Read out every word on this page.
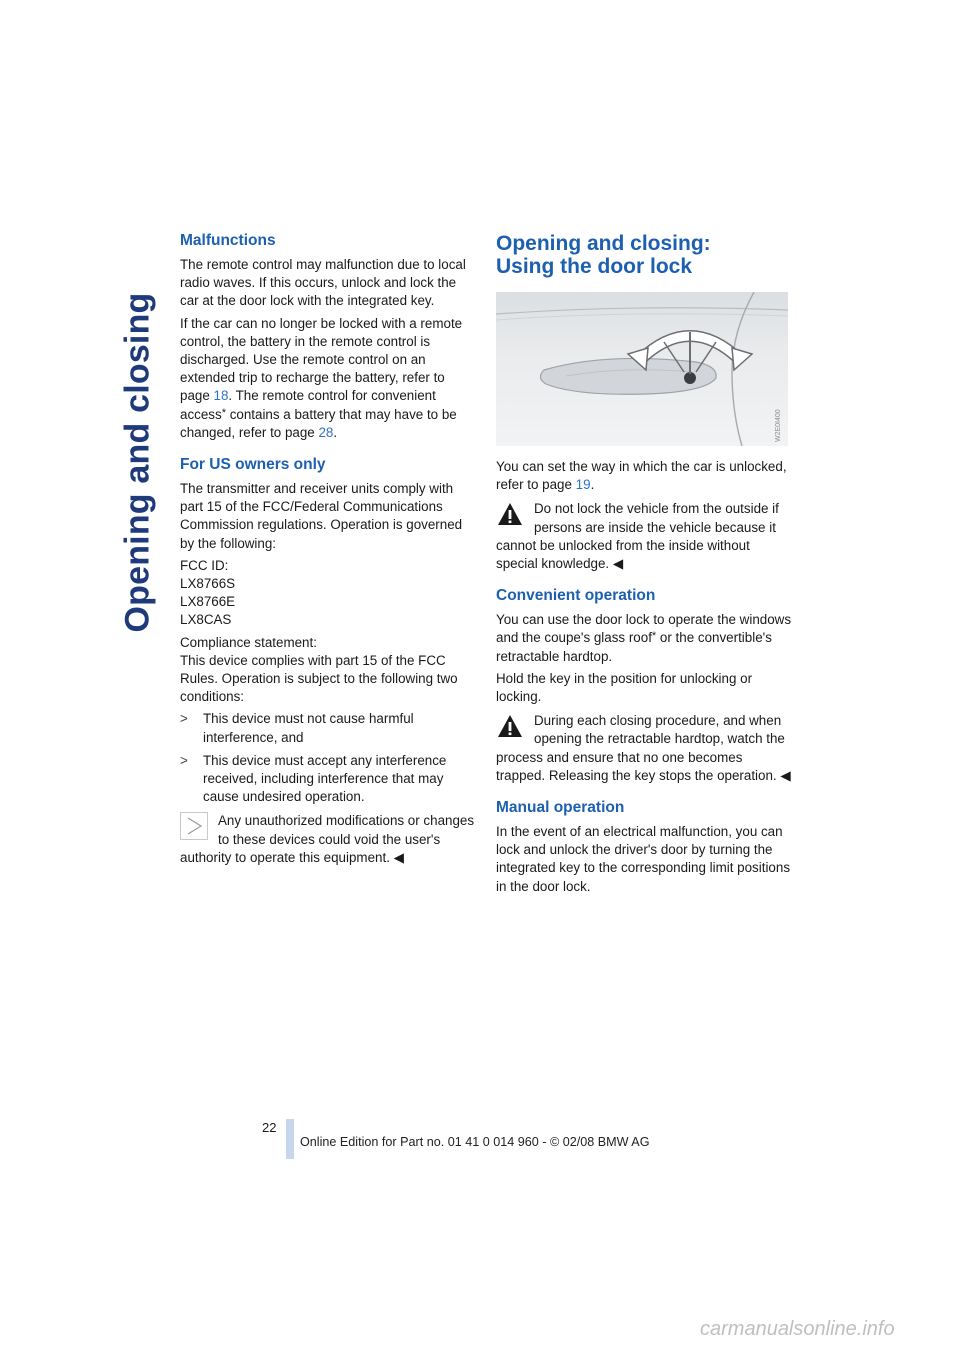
Opening and closing
Malfunctions

The remote control may malfunction due to local radio waves. If this occurs, unlock and lock the car at the door lock with the integrated key.

If the car can no longer be locked with a remote control, the battery in the remote control is discharged. Use the remote control on an extended trip to recharge the battery, refer to page 18. The remote control for convenient access* contains a battery that may have to be changed, refer to page 28.

For US owners only

The transmitter and receiver units comply with part 15 of the FCC/Federal Communications Commission regulations. Operation is governed by the following:

FCC ID:
LX8766S
LX8766E
LX8CAS

Compliance statement:
This device complies with part 15 of the FCC Rules. Operation is subject to the following two conditions:

> This device must not cause harmful interference, and
> This device must accept any interference received, including interference that may cause undesired operation.
Any unauthorized modifications or changes to these devices could void the user's authority to operate this equipment. ◀
Opening and closing:
Using the door lock
W2E0I400

You can set the way in which the car is unlocked, refer to page 19.

Do not lock the vehicle from the outside if persons are inside the vehicle because it cannot be unlocked from the inside without special knowledge. ◀
Convenient operation

You can use the door lock to operate the windows and the coupe's glass roof* or the convertible's retractable hardtop.

Hold the key in the position for unlocking or locking.

During each closing procedure, and when opening the retractable hardtop, watch the process and ensure that no one becomes trapped. Releasing the key stops the operation. ◀
Manual operation

In the event of an electrical malfunction, you can lock and unlock the driver's door by turning the integrated key to the corresponding limit positions in the door lock.

22
Online Edition for Part no. 01 41 0 014 960 - © 02/08 BMW AG
carmanualsonline.info
